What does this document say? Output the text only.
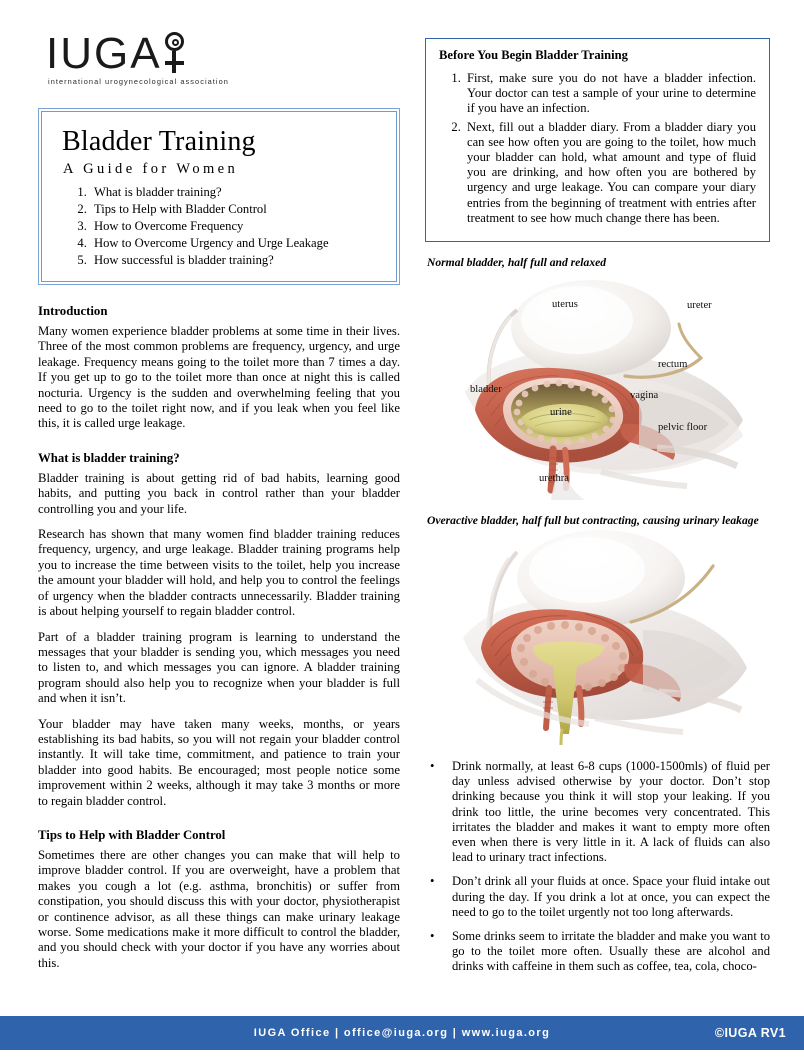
IUGA
international urogynecological association
Bladder Training
A Guide for Women
1. What is bladder training?
2. Tips to Help with Bladder Control
3. How to Overcome Frequency
4. How to Overcome Urgency and Urge Leakage
5. How successful is bladder training?
Introduction

Many women experience bladder problems at some time in their lives. Three of the most common problems are frequency, urgency, and urge leakage. Frequency means going to the toilet more than 7 times a day. If you get up to go to the toilet more than once at night this is called nocturia. Urgency is the sudden and overwhelming feeling that you need to go to the toilet right now, and if you leak when you feel like this, it is called urge leakage.

What is bladder training?

Bladder training is about getting rid of bad habits, learning good habits, and putting you back in control rather than your bladder controlling you and your life.

Research has shown that many women find bladder training reduces frequency, urgency, and urge leakage. Bladder training programs help you to increase the time between visits to the toilet, help you increase the amount your bladder will hold, and help you to control the feelings of urgency when the bladder contracts unnecessarily. Bladder training is about helping yourself to regain bladder control.

Part of a bladder training program is learning to understand the messages that your bladder is sending you, which messages you need to listen to, and which messages you can ignore. A bladder training program should also help you to recognize when your bladder is full and when it isn’t.

Your bladder may have taken many weeks, months, or years establishing its bad habits, so you will not regain your bladder control instantly. It will take time, commitment, and patience to train your bladder into good habits. Be encouraged; most people notice some improvement within 2 weeks, although it may take 3 months or more to regain bladder control.

Tips to Help with Bladder Control

Sometimes there are other changes you can make that will help to improve bladder control. If you are overweight, have a problem that makes you cough a lot (e.g. asthma, bronchitis) or suffer from constipation, you should discuss this with your doctor, physiotherapist or continence advisor, as all these things can make urinary leakage worse. Some medications make it more difficult to control the bladder, and you should check with your doctor if you have any worries about this.

Before You Begin Bladder Training
1. First, make sure you do not have a bladder infection. Your doctor can test a sample of your urine to determine if you have an infection.
2. Next, fill out a bladder diary. From a bladder diary you can see how often you are going to the toilet, how much your bladder can hold, what amount and type of fluid you are drinking, and how often you are bothered by urgency and urge leakage. You can compare your diary entries from the beginning of treatment with entries after treatment to see how much change there has been.
Normal bladder, half full and relaxed
uterus	ureter
rectum
bladder
vagina
urine
pelvic floor
urethra
Overactive bladder, half full but contracting, causing urinary leakage
• Drink normally, at least 6-8 cups (1000-1500mls) of fluid per day unless advised otherwise by your doctor. Don’t stop drinking because you think it will stop your leaking. If you drink too little, the urine becomes very concentrated. This irritates the bladder and makes it want to empty more often even when there is very little in it. A lack of fluids can also lead to urinary tract infections.
• Don’t drink all your fluids at once. Space your fluid intake out during the day. If you drink a lot at once, you can expect the need to go to the toilet urgently not too long afterwards.
• Some drinks seem to irritate the bladder and make you want to go to the toilet more often. Usually these are alcohol and drinks with caffeine in them such as coffee, tea, cola, choco-
IUGA Office | office@iuga.org | www.iuga.org	©IUGA RV1
